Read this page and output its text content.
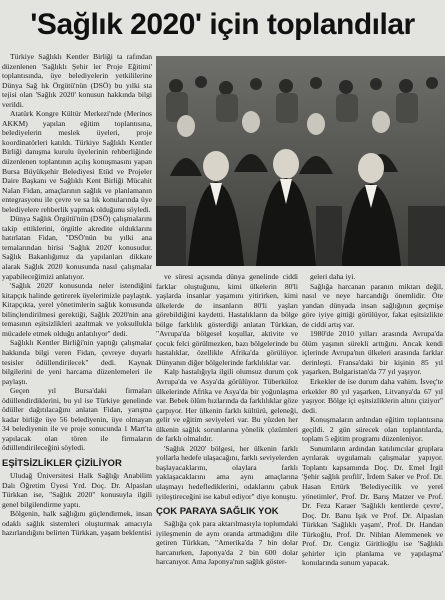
'Sağlık 2020' için toplandılar

Türkiye Sağlıklı Kentler Birliği ta rafından düzenlenen 'Sağlıklı Şehir ler Proje Eğitimi' toplantısında, üye belediyelerin yetkililerine Dünya Sağ lık Örgütü'nün (DSÖ) bu yılki sta tejisi olan 'Sağlık 2020' konusun hakkında bilgi verildi.

Atatürk Kongre Kültür Merkezi'nde (Merinos AKKM) yapılan eğitim toplantısına, belediyelerin meslek üyeleri, proje koordinatörleri katıldı. Türkiye Sağlıklı Kentler Birliği danışma kurulu üyelerinin rehberliğinde düzenlenen toplantının açılış konuşmasını yapan Bursa Büyükşehir Belediyesi Etüd ve Projeler Daire Başkanı ve Sağlıklı Kent Birliği Mücahit Nalan Fidan, amaçlarının sağlık ve planlamanın entegrasyonu ile çevre ve sa lık konularında üye belediyelere rehberlik yapmak olduğunu söyledi.

Dünya Sağlık Örgütü'nün (DSÖ) çalışmalarını takip ettiklerini, örgütle akredite olduklarını hatırlatan Fidan, "DSÖ'nün bu yılki ana temalarından birisi 'Sağlık 2020' konusudur. Sağlık Bakanlığımız da yapılanları dikkate alarak Sağlık 2020 konusunda nasıl çalışmalar yapabileceğimizi anlatıyor.

'Sağlık 2020' konusunda neler istendiğini kitapçık halinde getirerek üyelerimizle paylaştık. Kitapçıkta, yerel yönetimlerin sağlık konusunda bilinçlendirilmesi gerektiği, Sağlık 2020'nin ana temasının eşitsizlikleri azaltmak ve yoksullukla mücadele etmek olduğu anlatılıyor" dedi.

Sağlıklı Kentler Birliği'nin yaptığı çalışmalar hakkında bilgi veren Fidan, çevreye duyarlı tesisler ödüllendirilecek" dedi. Kaynak bilgilerini de yeni harcama düzenlemeleri ile paylaştı.

Geçen yıl Bursa'daki firmaları ödüllendirdiklerini, bu yıl ise Türkiye genelinde ödüller dağıtılacağını anlatan Fidan, yarışma kadar birliğe üye 56 belediyenin, üye olmayan 34 belediyenin ile ve proje sonucunda 1 Mart'ta yapılacak olan tören ile firmaların ödüllendirileceğini söyledi.

EŞİTSİZLİKLER ÇİZİLİYOR

Uludağ Üniversitesi Halk Sağlığı Anabilim Dalı Öğretim Üyesi Yrd. Doç. Dr. Alpaslan Türkkan ise, "Sağlık 2020" konusuyla ilgili genel bilgilendirme yaptı.

Bölgenin, halk sağlığını güçlendirmek, insan odaklı sağlık sistemleri oluşturmak amacıyla hazırlandığını belirten Türkkan, yaşam beklentisi

ve süresi açısında dünya genelinde ciddi farklar oluştuğunu, kimi ülkelerin 80'li yaşlarda insanlar yaşamını yitirirken, kimi ülkelerde de insanların 80'li yaşları görebildiğini kaydetti. Hastalıkların da bölge bölge farklılık gösterdiği anlatan Türkkan, "Avrupa'da bölgesel koşullar, aktivite ve çocuk felci görülmezken, bazı bölgelerinde bu hastalıklar, özellikle Afrika'da görülüyor. Dünyanın diğer bölgelerinde farklılıklar var.

Kalp hastalığıyla ilgili olumsuz durum çok Avrupa'da ve Asya'da görülüyor. Tüberküloz ülkelerinde Afrika ve Asya'da bir yoğunlaşma var. Bebek ölüm hızlarında da farklılıklar göze çarpıyor. Her ülkenin farklı kültürü, geleneği, gelir ve eğitim seviyeleri var. Bu yüzden her ülkenin sağlık sorunlarına yönelik çözümleri de farklı olmalıdır.

'Sağlık 2020' bölgesi, her ülkenin farklı yollarla hedefe ulaşacağını, farklı seviyelerden başlayacaklarını, olaylara farklı yaklaşacaklarını ama aynı amaçlarına ulaşmayı hedeflediklerini, odaklarını çabuk iyileştireceğini ise kabul ediyor" diye konuştu.

ÇOK PARAYA SAĞLIK YOK

Sağlığa çok para aktarılmasıyla toplumdaki iyileşmenin de aynı oranda artmadığını dile getiren Türkkan, "Amerika'da 7 bin dolar harcanırken, Japonya'da 2 bin 600 dolar harcanıyor. Ama Japonya'nın sağlık göster-

geleri daha iyi.

Sağlığa harcanan paranın miktarı değil, nasıl ve neye harcandığı önemlidir. Öte yandan dünyada insan sağlığının geçmişe göre iyiye gittiği görülüyor, fakat eşitsizlikte de ciddi artış var.

1980'de 2010 yılları arasında Avrupa'da ölüm yaşının sürekli arttığını. Ancak kendi içlerinde Avrupa'nın ülkeleri arasında farklar derinleşti. Fransa'daki bir kişinin 85 yıl yaşarken, Bulgaristan'da 77 yıl yaşıyor.

Erkekler de ise durum daha vahim. İsveç'te erkekler 80 yıl yaşarken, Litvanya'da 67 yıl yaşıyor. Bölge içi eşitsizliklerin altını çiziyor" dedi.

Konuşmaların ardından eğitim toplantısına geçildi. 2 gün sürecek olan toplantılarda, toplam 5 eğitim programı düzenleniyor.

Sunumların ardından katılımcılar gruplara ayrılarak uygulamalı çalışmalar yapıyor. Toplantı kapsamında Doç. Dr. Emel İrgil 'Şehir sağlık profili', İrdem Saker ve Prof. Dr. Hasan Ertürk 'Belediyecilik ve yerel yönetimler', Prof. Dr. Barış Matzer ve Prof. Dr. Feza Karaer 'Sağlıklı kentlerde çevre', Doç. Dr. Banu Işık ve Prof. Dr. Alpaslan Türkkan 'Sağlıklı yaşam', Prof. Dr. Handan Türkoğlu, Prof. Dr. Nihlan Alemmenek ve Prof. Dr. Cengiz Giritlioğlu ise 'Sağlıklı şehirler için planlama ve yapılaşma' konularında sunum yapacak.
